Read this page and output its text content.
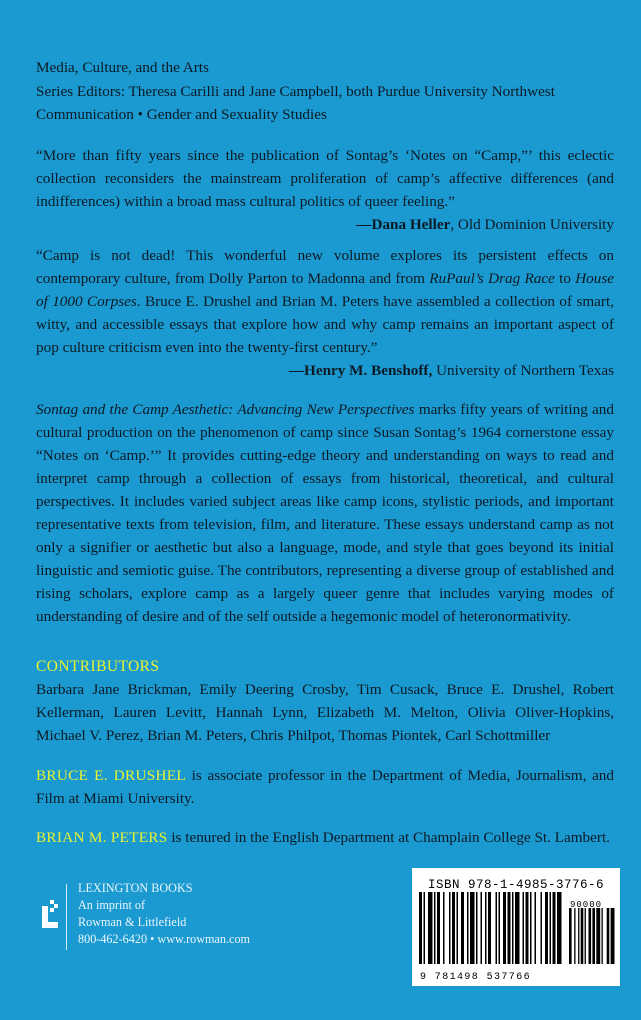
Media, Culture, and the Arts
Series Editors: Theresa Carilli and Jane Campbell, both Purdue University Northwest
Communication • Gender and Sexuality Studies

“More than fifty years since the publication of Sontag’s ‘Notes on “Camp,”’ this eclectic collection reconsiders the mainstream proliferation of camp’s affective differences (and indifferences) within a broad mass cultural politics of queer feeling.”

—Dana Heller, Old Dominion University

“Camp is not dead! This wonderful new volume explores its persistent effects on contemporary culture, from Dolly Parton to Madonna and from RuPaul’s Drag Race to House of 1000 Corpses. Bruce E. Drushel and Brian M. Peters have assembled a collection of smart, witty, and accessible essays that explore how and why camp remains an important aspect of pop culture criticism even into the twenty-first century.”

—Henry M. Benshoff, University of Northern Texas

Sontag and the Camp Aesthetic: Advancing New Perspectives marks fifty years of writing and cultural production on the phenomenon of camp since Susan Sontag’s 1964 cornerstone essay “Notes on ‘Camp.’” It provides cutting-edge theory and understanding on ways to read and interpret camp through a collection of essays from historical, theoretical, and cultural perspectives. It includes varied subject areas like camp icons, stylistic periods, and important representative texts from television, film, and literature. These essays understand camp as not only a signifier or aesthetic but also a language, mode, and style that goes beyond its initial linguistic and semiotic guise. The contributors, representing a diverse group of established and rising scholars, explore camp as a largely queer genre that includes varying modes of understanding of desire and of the self outside a hegemonic model of heteronormativity.

CONTRIBUTORS

Barbara Jane Brickman, Emily Deering Crosby, Tim Cusack, Bruce E. Drushel, Robert Kellerman, Lauren Levitt, Hannah Lynn, Elizabeth M. Melton, Olivia Oliver-Hopkins, Michael V. Perez, Brian M. Peters, Chris Philpot, Thomas Piontek, Carl Schottmiller

BRUCE E. DRUSHEL is associate professor in the Department of Media, Journalism, and Film at Miami University.

BRIAN M. PETERS is tenured in the English Department at Champlain College St. Lambert.

LEXINGTON BOOKS
An imprint of
Rowman & Littlefield
800-462-6420 • www.rowman.com
ISBN 978-1-4985-3776-6
90000
9 781498 537766
